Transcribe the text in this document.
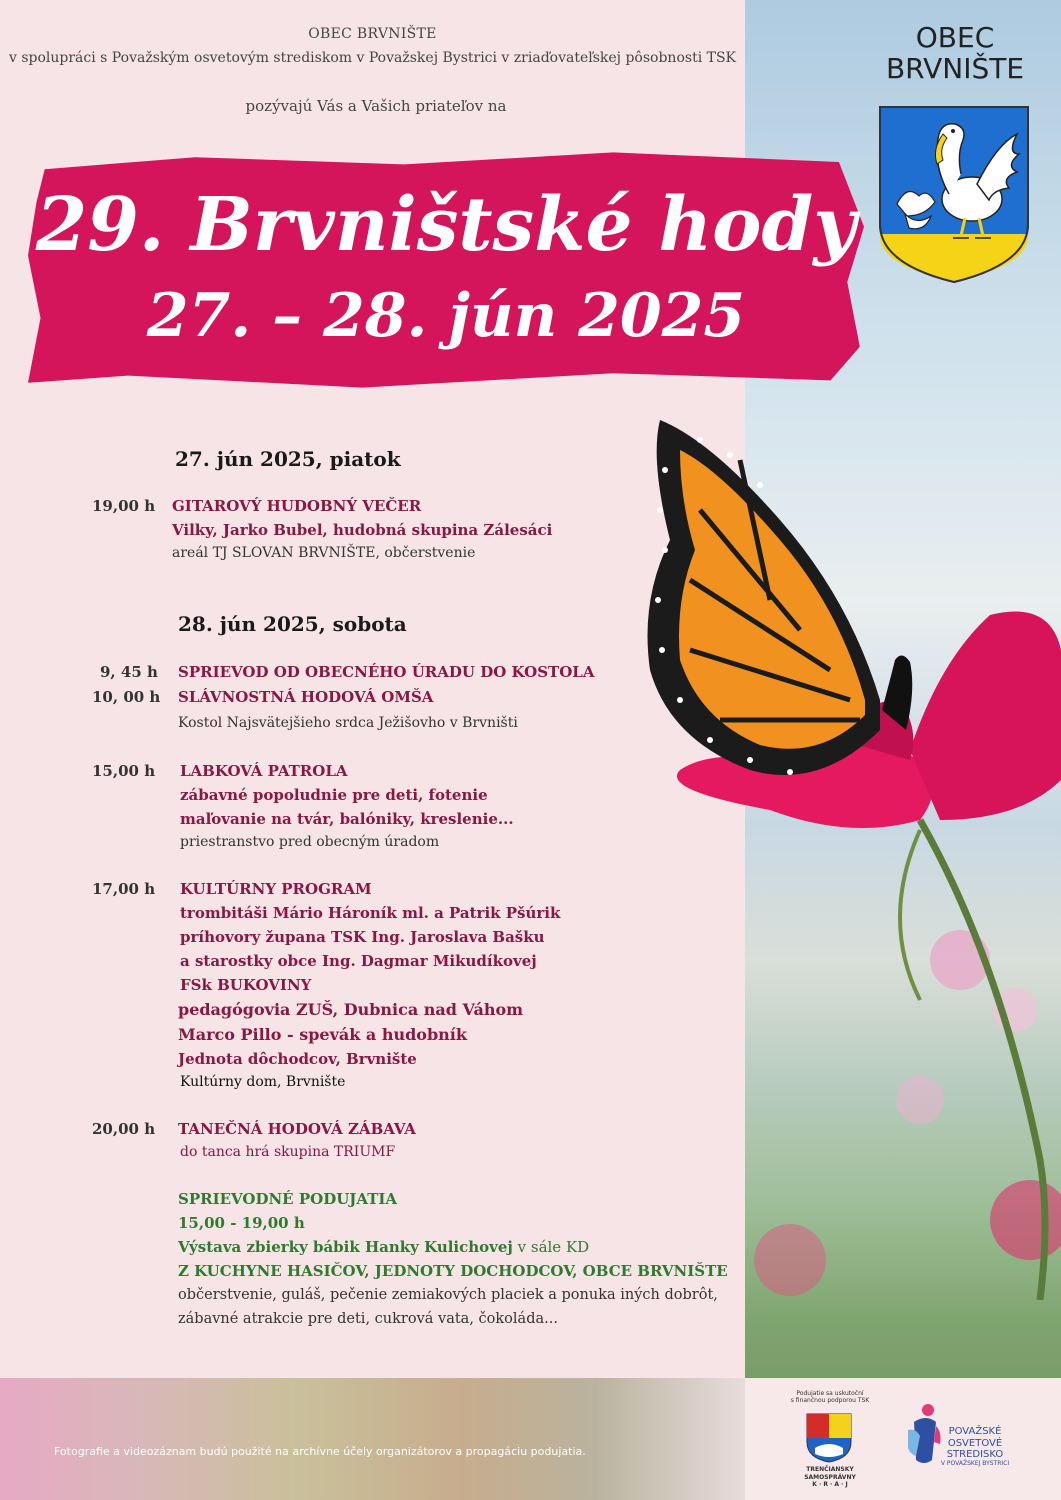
OBEC BRVNIŠTE
v spolupráci s Považským osvetovým strediskom v Považskej Bystrici v zriaďovateľskej pôsobnosti TSK
pozývajú Vás a Vašich priateľov na
29. Brvništské hody
27. – 28. jún 2025
OBEC
BRVNIŠTE
27. jún 2025, piatok
19,00 h GITAROVÝ HUDOBNÝ VEČER
Vilky, Jarko Bubel, hudobná skupina Zálesáci
areál TJ SLOVAN BRVNIŠTE, občerstvenie
28. jún 2025, sobota
9, 45 h SPRIEVOD OD OBECNÉHO ÚRADU DO KOSTOLA
10, 00 h SLÁVNOSTNÁ HODOVÁ OMŠA
Kostol Najsvätejšieho srdca Ježišovho v Brvništi
15,00 h LABKOVÁ PATROLA
zábavné popoludnie pre deti, fotenie
maľovanie na tvár, balóniky, kreslenie...
priestranstvo pred obecným úradom
17,00 h KULTÚRNY PROGRAM
trombitáši Mário Hároník ml. a Patrik Pšúrik
príhovory župana TSK Ing. Jaroslava Bašku
a starostky obce Ing. Dagmar Mikudíkovej
FSk BUKOVINY
pedagógovia ZUŠ, Dubnica nad Váhom
Marco Pillo - spevák a hudobník
Jednota dôchodcov, Brvnište
Kultúrny dom, Brvnište
20,00 h TANEČNÁ HODOVÁ ZÁBAVA
do tanca hrá skupina TRIUMF
SPRIEVODNÉ PODUJATIA
15,00 - 19,00 h
Výstava zbierky bábik Hanky Kulichovej v sále KD
Z KUCHYNE HASIČOV, JEDNOTY DOCHODCOV, OBCE BRVNIŠTE
občerstvenie, guláš, pečenie zemiakových placiek a ponuka iných dobrôt,
zábavné atrakcie pre deti, cukrová vata, čokoláda...
Fotografie a videozáznam budú použité na archívne účely organizátorov a propagáciu podujatia.
Podujatie sa uskutoční
s finančnou podporou TSK
TRENČIANSKY
SAMOSPRÁVNY
K · R · A · J
POVAŽSKÉ
OSVETOVÉ
STREDISKO
V POVAŽSKEJ BYSTRICI
